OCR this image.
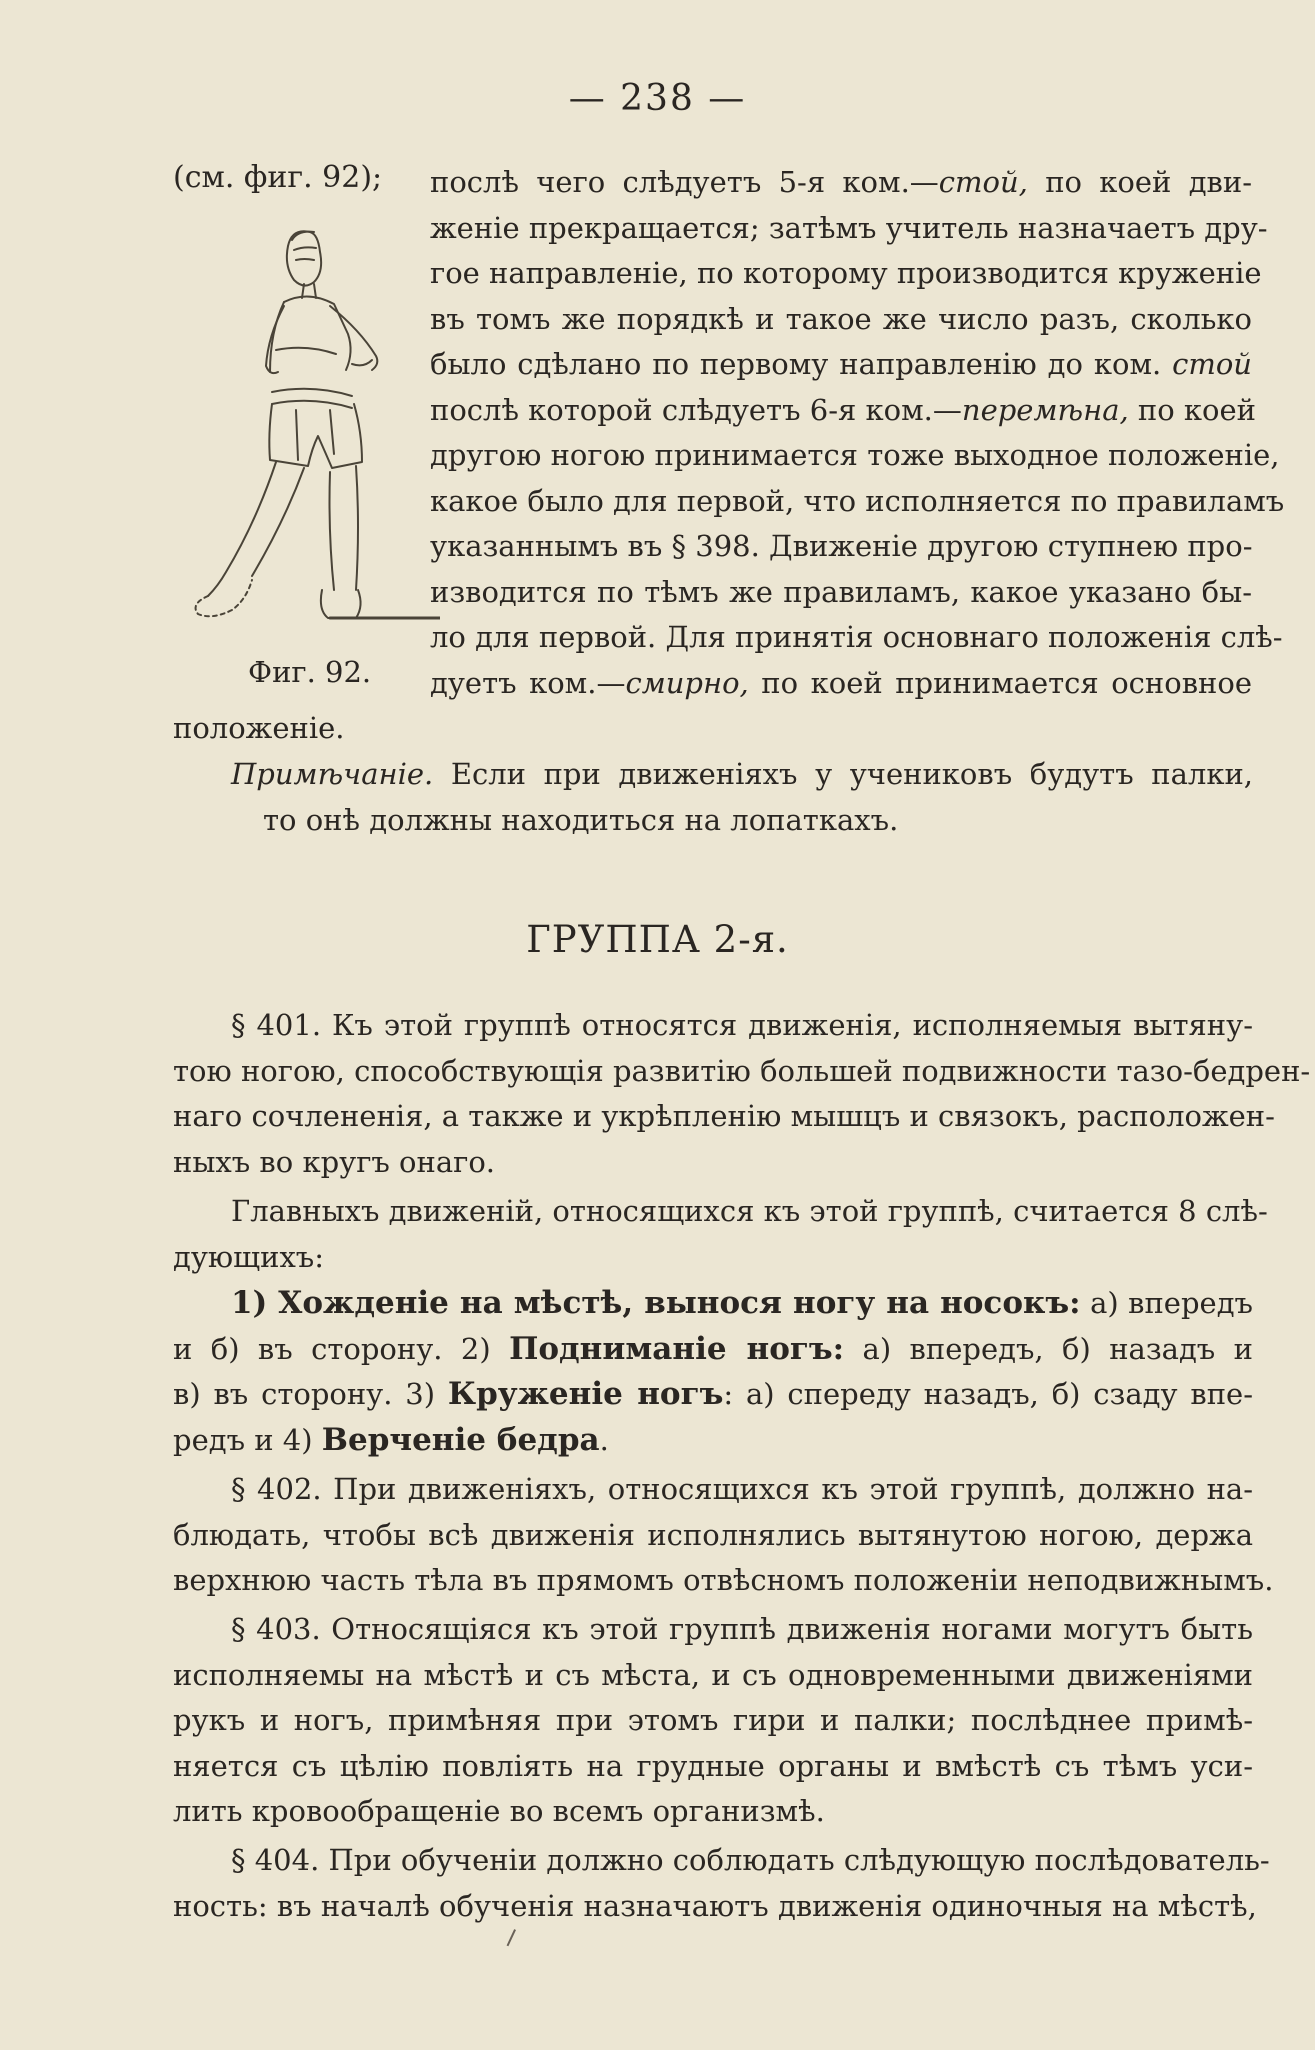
— 238 —
(см. фиг. 92);
Фиг. 92.
послѣ чего слѣдуетъ 5-я ком.—стой, по коей дви-
женіе прекращается; затѣмъ учитель назначаетъ дру-
гое направленіе, по которому производится круженіе
въ томъ же порядкѣ и такое же число разъ, сколько
было сдѣлано по первому направленію до ком. стой
послѣ которой слѣдуетъ 6-я ком.—перемѣна, по коей
другою ногою принимается тоже выходное положеніе,
какое было для первой, что исполняется по правиламъ
указаннымъ въ § 398. Движеніе другою ступнею про-
изводится по тѣмъ же правиламъ, какое указано бы-
ло для первой. Для принятія основнаго положенія слѣ-
дуетъ ком.—смирно, по коей принимается основное
положеніе.
Примѣчаніе. Если при движеніяхъ у учениковъ будутъ палки,
то онѣ должны находиться на лопаткахъ.
ГРУППА 2-я.
§ 401. Къ этой группѣ относятся движенія, исполняемыя вытяну-
тою ногою, способствующія развитію большей подвижности тазо-бедрен-
наго сочлененія, а также и укрѣпленію мышцъ и связокъ, расположен-
ныхъ во кругъ онаго.
Главныхъ движеній, относящихся къ этой группѣ, считается 8 слѣ-
дующихъ:
1) Хожденіе на мѣстѣ, вынося ногу на носокъ: а) впередъ
и б) въ сторону. 2) Подниманіе ногъ: а) впередъ, б) назадъ и
в) въ сторону. 3) Круженіе ногъ: а) спереду назадъ, б) сзаду впе-
редъ и 4) Верченіе бедра.
§ 402. При движеніяхъ, относящихся къ этой группѣ, должно на-
блюдать, чтобы всѣ движенія исполнялись вытянутою ногою, держа
верхнюю часть тѣла въ прямомъ отвѣсномъ положеніи неподвижнымъ.
§ 403. Относящіяся къ этой группѣ движенія ногами могутъ быть
исполняемы на мѣстѣ и съ мѣста, и съ одновременными движеніями
рукъ и ногъ, примѣняя при этомъ гири и палки; послѣднее примѣ-
няется съ цѣлію повліять на грудные органы и вмѣстѣ съ тѣмъ уси-
лить кровообращеніе во всемъ организмѣ.
§ 404. При обученіи должно соблюдать слѣдующую послѣдователь-
ность: въ началѣ обученія назначаютъ движенія одиночныя на мѣстѣ,
